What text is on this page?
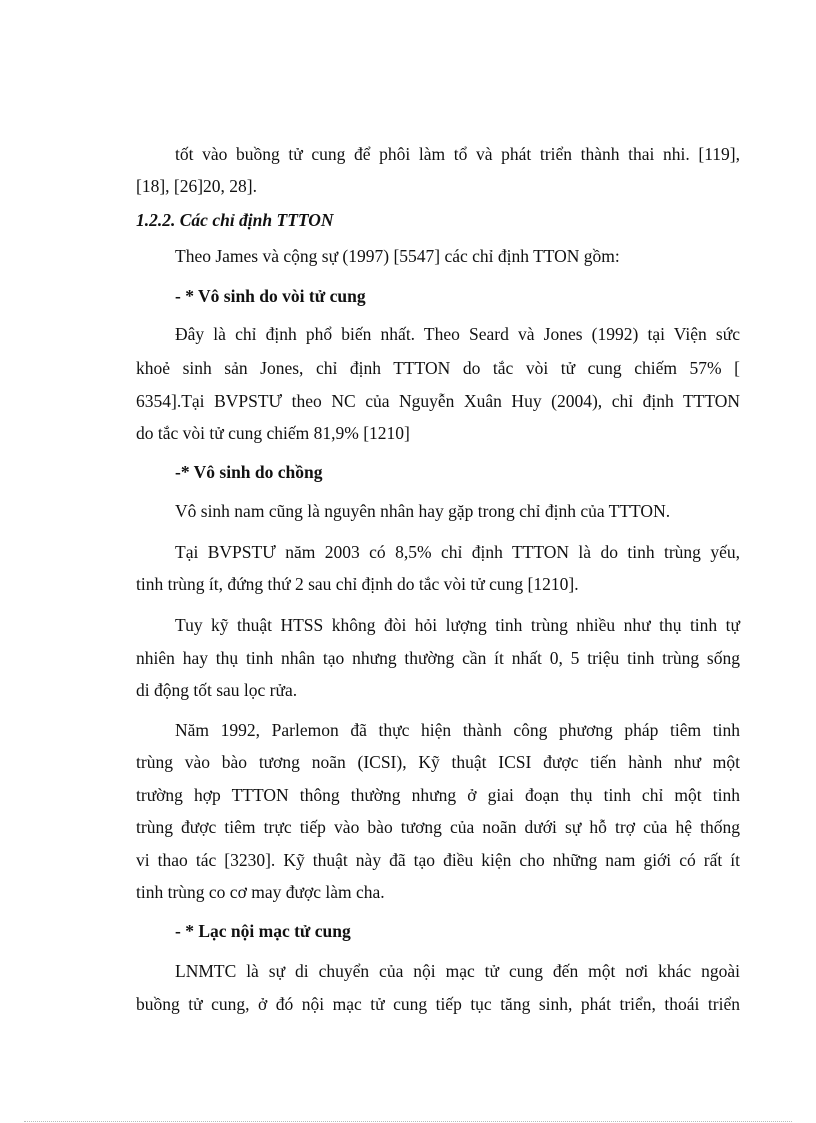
tốt vào buồng tử cung để phôi làm tổ và phát triển thành thai nhi. [119],
[18], [26]20, 28].
1.2.2. Các chỉ định TTTON
Theo James và cộng sự (1997) [5547] các chỉ định TTON gồm:
- * Vô sinh do vòi tử cung
Đây là chỉ định phổ biến nhất. Theo Seard và Jones (1992) tại Viện sức
khoẻ sinh sản Jones, chỉ định TTTON do tắc vòi tử cung chiếm 57% [
6354].Tại BVPSTƯ theo NC của Nguyễn Xuân Huy (2004), chỉ định TTTON
do tắc vòi tử cung chiếm 81,9% [1210]
-* Vô sinh do chồng
Vô sinh nam cũng là nguyên nhân hay gặp trong chỉ định của TTTON.
Tại BVPSTƯ năm 2003 có 8,5% chỉ định TTTON là do tinh trùng yếu,
tinh trùng ít, đứng thứ 2 sau chỉ định do tắc vòi tử cung [1210].
Tuy kỹ thuật HTSS không đòi hỏi lượng tinh trùng nhiều như thụ tinh tự
nhiên hay thụ tinh nhân tạo nhưng thường cần ít nhất 0, 5 triệu tinh trùng sống
di động tốt sau lọc rửa.
Năm 1992, Parlemon đã thực hiện thành công phương pháp tiêm tinh
trùng vào bào tương noãn (ICSI), Kỹ thuật ICSI được tiến hành như một
trường hợp TTTON thông thường nhưng ở giai đoạn thụ tinh chỉ một tinh
trùng được tiêm trực tiếp vào bào tương của noãn dưới sự hỗ trợ của hệ thống
vi thao tác [3230]. Kỹ thuật này đã tạo điều kiện cho những nam giới có rất ít
tinh trùng co cơ may được làm cha.
- * Lạc nội mạc tử cung
LNMTC là sự di chuyển của nội mạc tử cung đến một nơi khác ngoài
buồng tử cung, ở đó nội mạc tử cung tiếp tục tăng sinh, phát triển, thoái triển
